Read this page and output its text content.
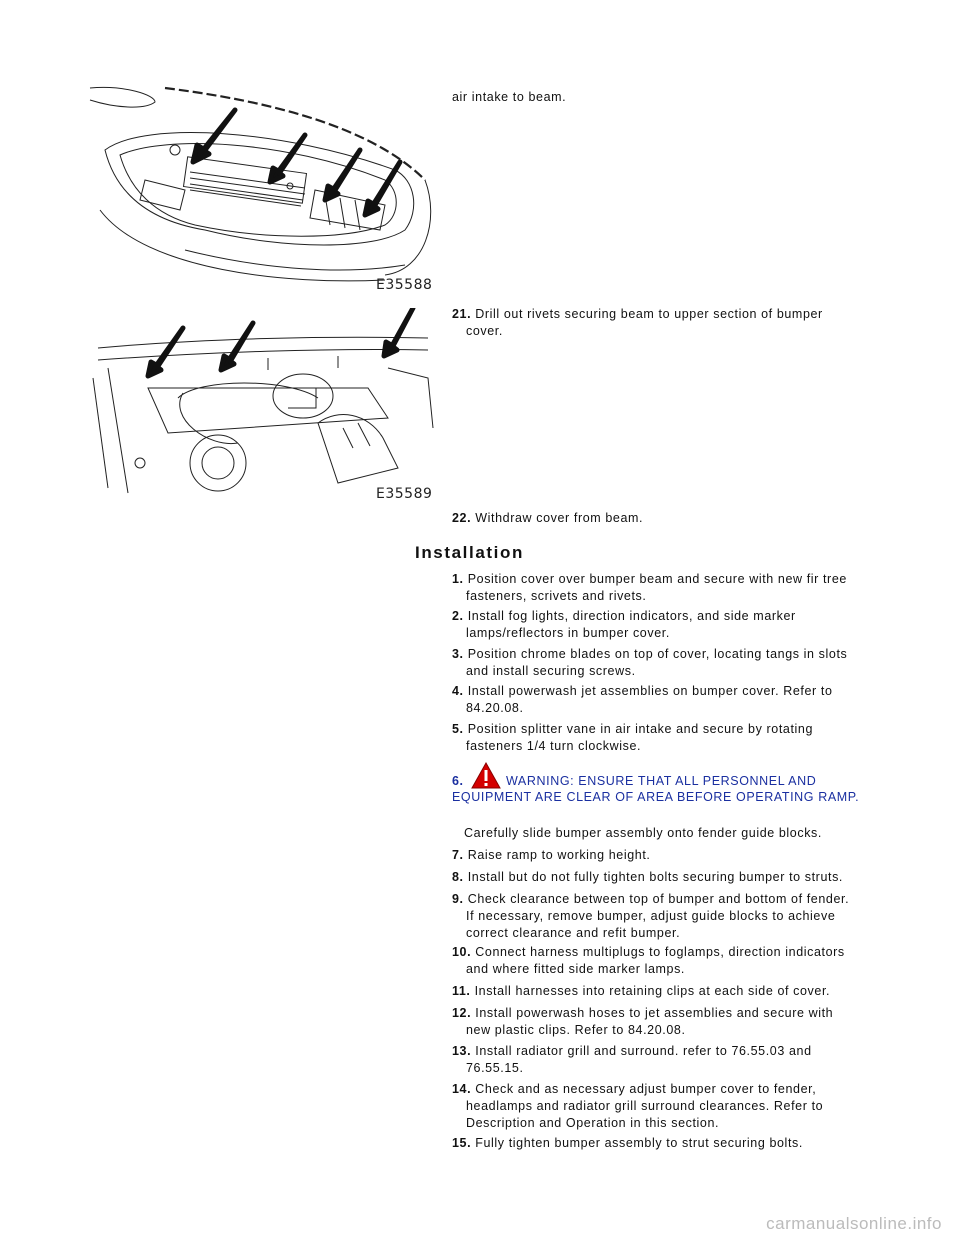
E35588
E35589
air intake to beam.
21. Drill out rivets securing beam to upper section of bumper
cover.
22. Withdraw cover from beam.
Installation
1. Position cover over bumper beam and secure with new fir tree
fasteners, scrivets and rivets.
2. Install fog lights, direction indicators, and side marker
lamps/reflectors in bumper cover.
3. Position chrome blades on top of cover, locating tangs in slots
and install securing screws.
4. Install powerwash jet assemblies on bumper cover. Refer to
84.20.08.
5. Position splitter vane in air intake and secure by rotating
fasteners 1/4 turn clockwise.
6.	WARNING: ENSURE THAT ALL PERSONNEL AND
EQUIPMENT ARE CLEAR OF AREA BEFORE OPERATING RAMP.
Carefully slide bumper assembly onto fender guide blocks.
7. Raise ramp to working height.
8. Install but do not fully tighten bolts securing bumper to struts.
9. Check clearance between top of bumper and bottom of fender.
If necessary, remove bumper, adjust guide blocks to achieve
correct clearance and refit bumper.
10. Connect harness multiplugs to foglamps, direction indicators
and where fitted side marker lamps.
11. Install harnesses into retaining clips at each side of cover.
12. Install powerwash hoses to jet assemblies and secure with
new plastic clips. Refer to 84.20.08.
13. Install radiator grill and surround. refer to 76.55.03 and
76.55.15.
14. Check and as necessary adjust bumper cover to fender,
headlamps and radiator grill surround clearances. Refer to
Description and Operation in this section.
15. Fully tighten bumper assembly to strut securing bolts.
carmanualsonline.info
